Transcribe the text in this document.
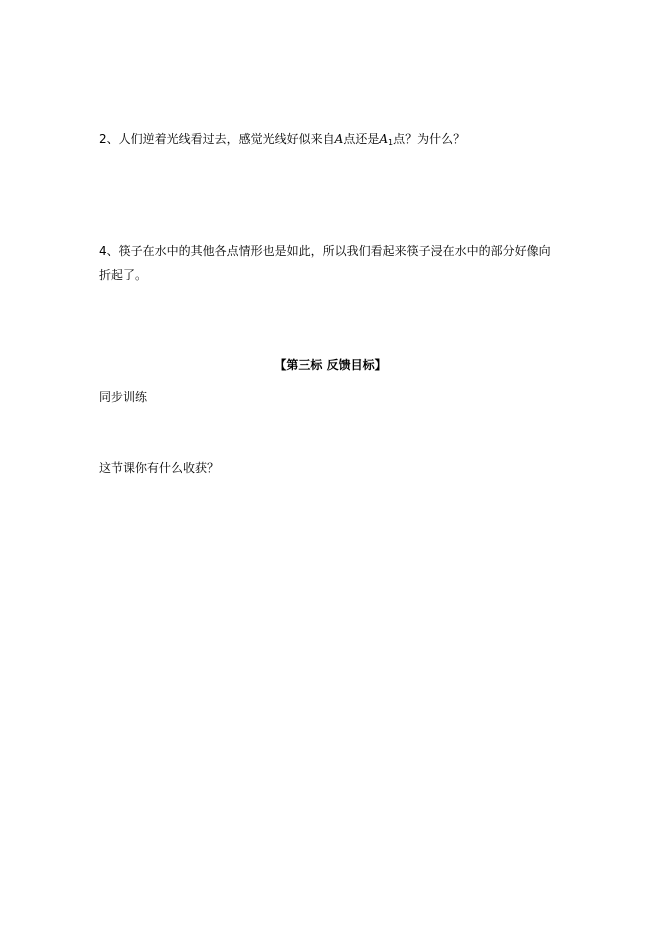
2、人们逆着光线看过去，感觉光线好似来自A点还是$A_1$点？为什么？
4、筷子在水中的其他各点情形也是如此，所以我们看起来筷子浸在水中的部分好像向
折起了。
【第三标 反馈目标】
同步训练
这节课你有什么收获？
